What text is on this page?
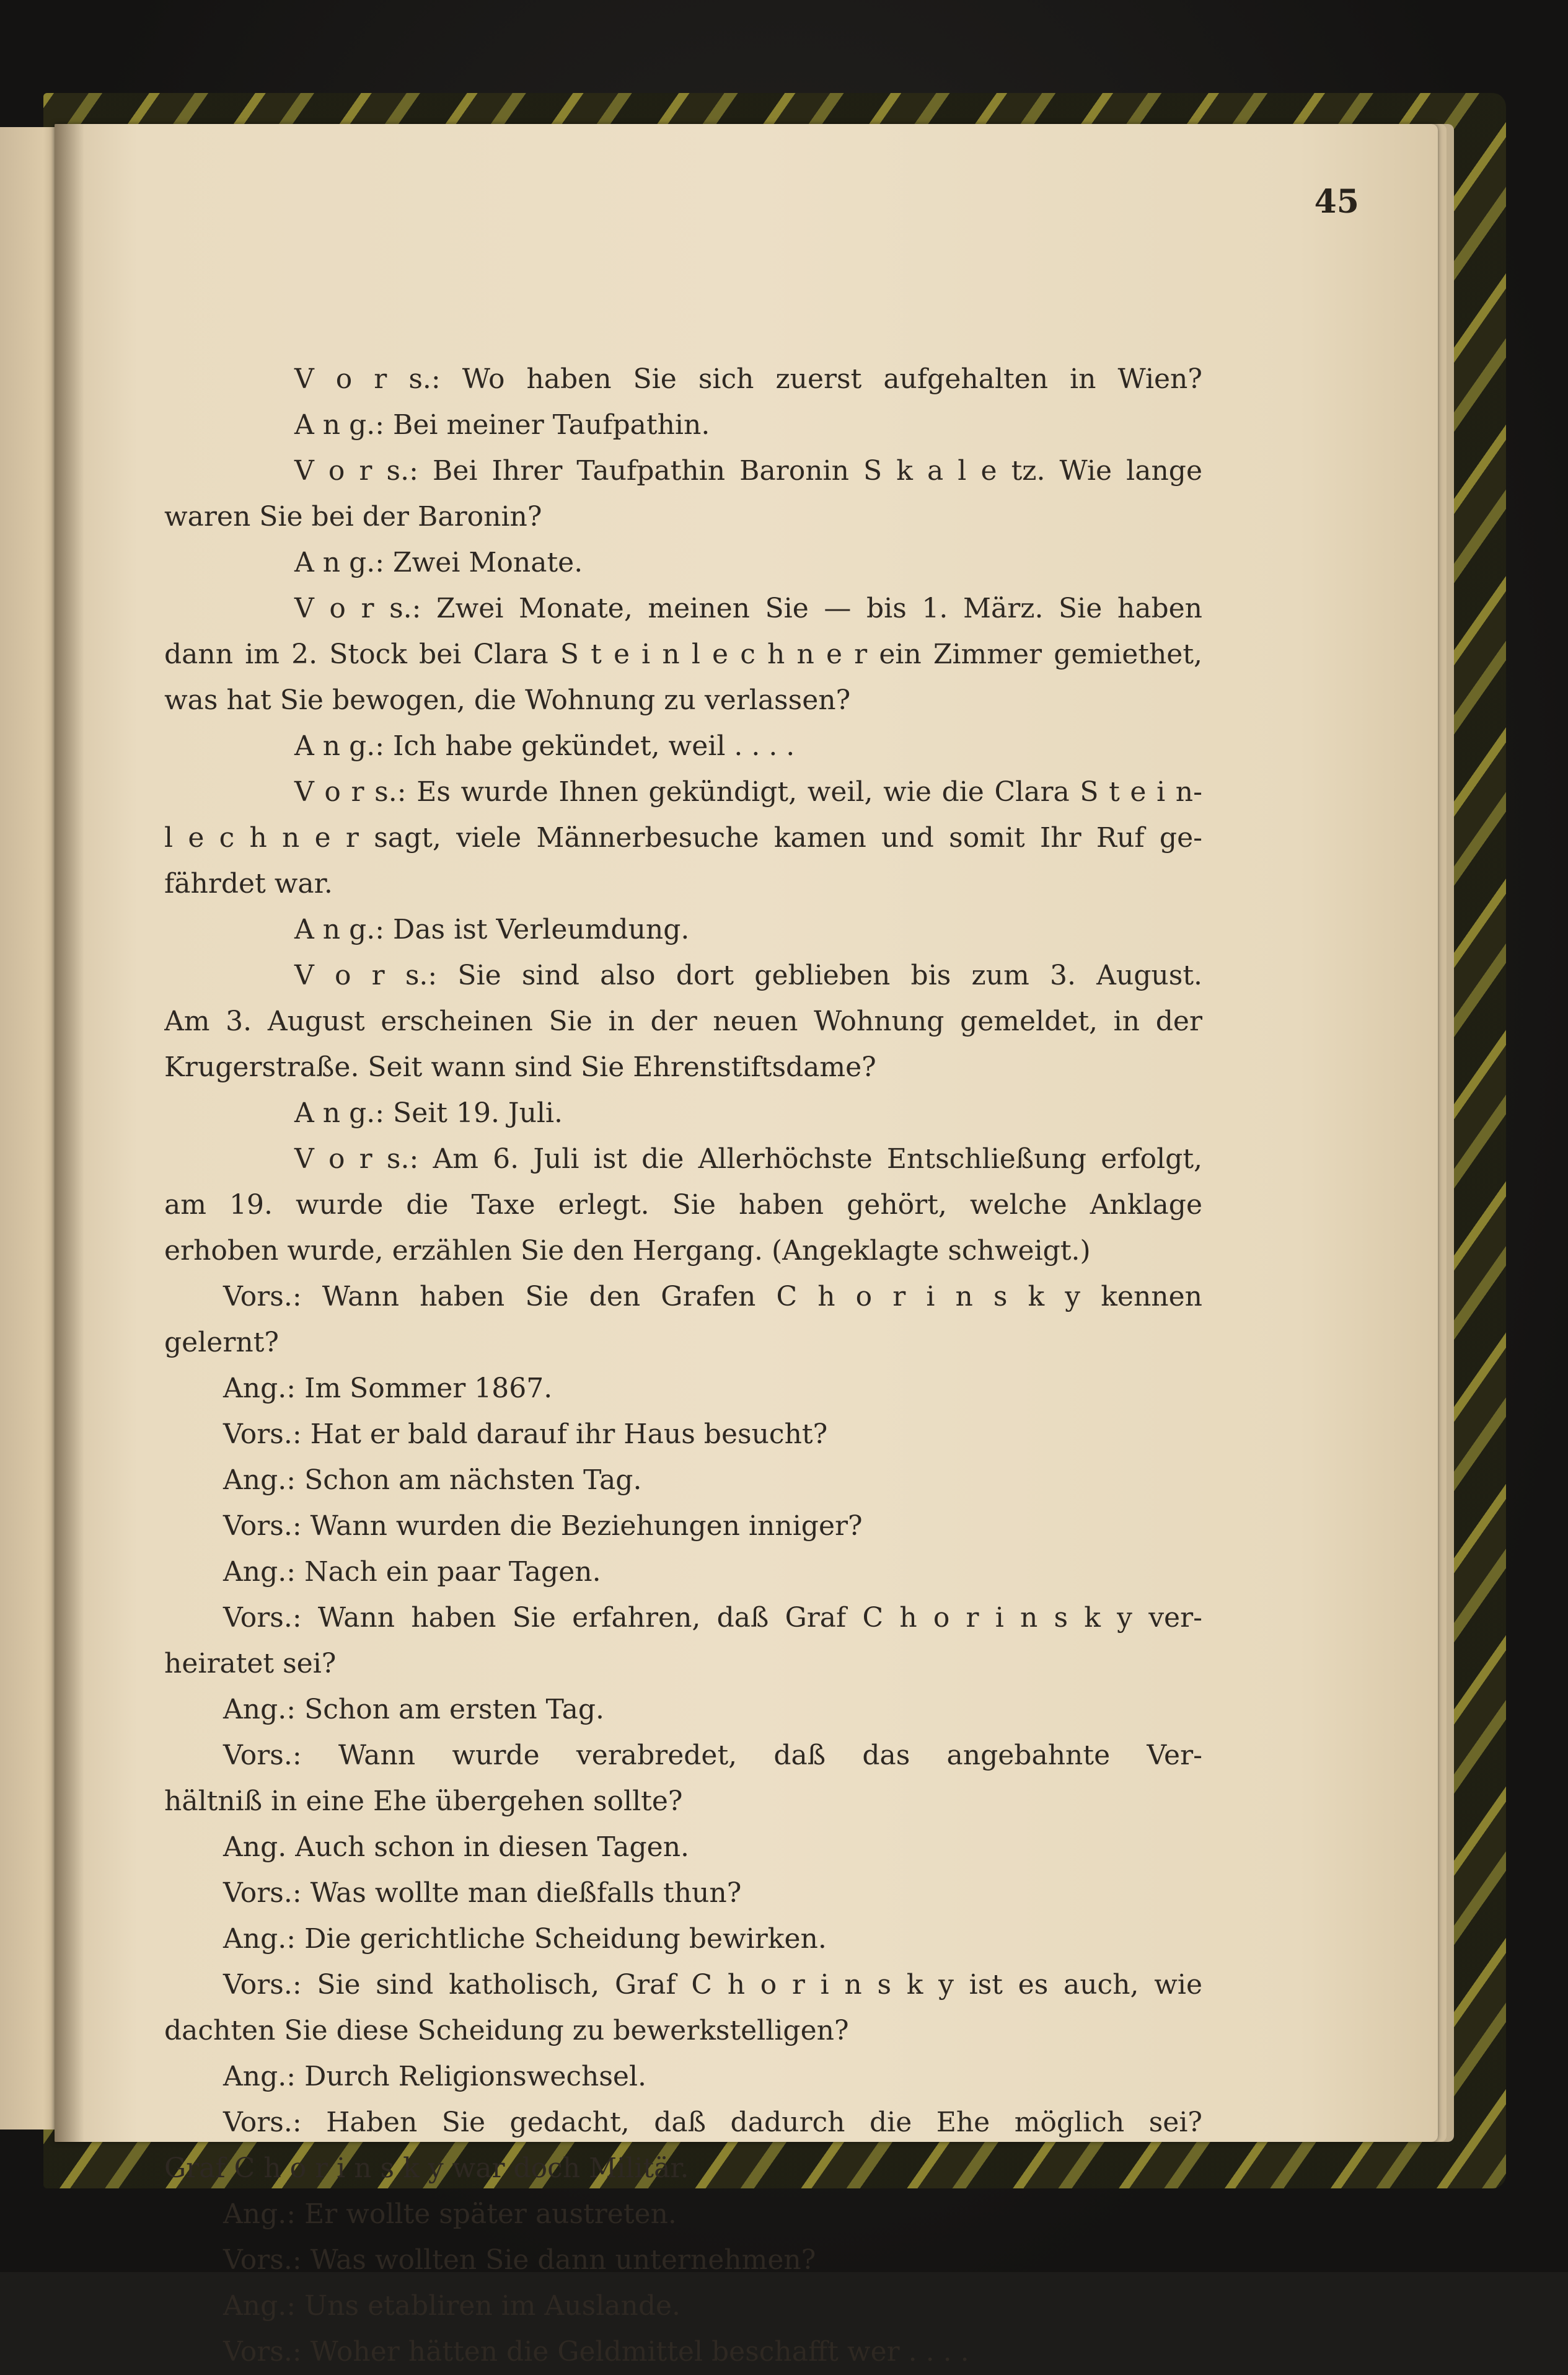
45
V o r s.: Wo haben Sie sich zuerst aufgehalten in Wien?
A n g.: Bei meiner Taufpathin.
V o r s.: Bei Ihrer Taufpathin Baronin S k a l e tz. Wie lange
waren Sie bei der Baronin?
A n g.: Zwei Monate.
V o r s.: Zwei Monate, meinen Sie — bis 1. März. Sie haben
dann im 2. Stock bei Clara S t e i n l e c h n e r ein Zimmer gemiethet,
was hat Sie bewogen, die Wohnung zu verlassen?
A n g.: Ich habe gekündet, weil . . . .
V o r s.: Es wurde Ihnen gekündigt, weil, wie die Clara S t e i n-
l e c h n e r sagt, viele Männerbesuche kamen und somit Ihr Ruf ge-
fährdet war.
A n g.: Das ist Verleumdung.
V o r s.: Sie sind also dort geblieben bis zum 3. August.
Am 3. August erscheinen Sie in der neuen Wohnung gemeldet, in der
Krugerstraße. Seit wann sind Sie Ehrenstiftsdame?
A n g.: Seit 19. Juli.
V o r s.: Am 6. Juli ist die Allerhöchste Entschließung erfolgt,
am 19. wurde die Taxe erlegt. Sie haben gehört, welche Anklage
erhoben wurde, erzählen Sie den Hergang. (Angeklagte schweigt.)
Vors.: Wann haben Sie den Grafen C h o r i n s k y kennen
gelernt?
Ang.: Im Sommer 1867.
Vors.: Hat er bald darauf ihr Haus besucht?
Ang.: Schon am nächsten Tag.
Vors.: Wann wurden die Beziehungen inniger?
Ang.: Nach ein paar Tagen.
Vors.: Wann haben Sie erfahren, daß Graf C h o r i n s k y ver-
heiratet sei?
Ang.: Schon am ersten Tag.
Vors.: Wann wurde verabredet, daß das angebahnte Ver-
hältniß in eine Ehe übergehen sollte?
Ang. Auch schon in diesen Tagen.
Vors.: Was wollte man dießfalls thun?
Ang.: Die gerichtliche Scheidung bewirken.
Vors.: Sie sind katholisch, Graf C h o r i n s k y ist es auch, wie
dachten Sie diese Scheidung zu bewerkstelligen?
Ang.: Durch Religionswechsel.
Vors.: Haben Sie gedacht, daß dadurch die Ehe möglich sei?
Graf C h o r i n s k y war doch Militär.
Ang.: Er wollte später austreten.
Vors.: Was wollten Sie dann unternehmen?
Ang.: Uns etabliren im Auslande.
Vors.: Woher hätten die Geldmittel beschafft wer . . . .
